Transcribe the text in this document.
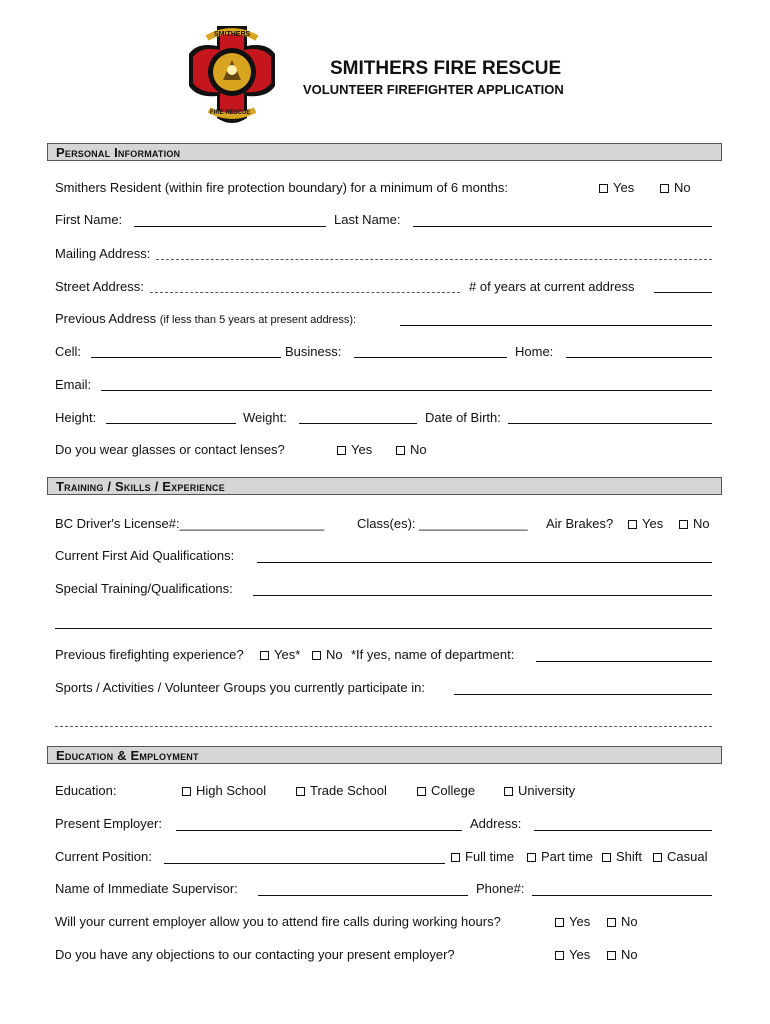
SMITHERS
FIRE RESCUE
SMITHERS FIRE RESCUE
VOLUNTEER FIREFIGHTER APPLICATION
Personal Information
Smithers Resident (within fire protection boundary) for a minimum of 6 months:	Yes	No
First Name:	Last Name:
Mailing Address:
Street Address:	# of years at current address
Previous Address (if less than 5 years at present address):
Cell:	Business:	Home:
Email:
Height:	Weight:	Date of Birth:
Do you wear glasses or contact lenses?	Yes	No
Training / Skills / Experience
BC Driver's License#:____________________	Class(es): _______________ Air Brakes?	Yes	No
Current First Aid Qualifications:
Special Training/Qualifications:
Previous firefighting experience?	Yes*	No *If yes, name of department:
Sports / Activities / Volunteer Groups you currently participate in:
Education & Employment
Education:	High School	Trade School	College	University
Present Employer:	Address:
Current Position:	Full time	Part time	Shift	Casual
Name of Immediate Supervisor:	Phone#:
Will your current employer allow you to attend fire calls during working hours?	Yes	No
Do you have any objections to our contacting your present employer?	Yes	No
